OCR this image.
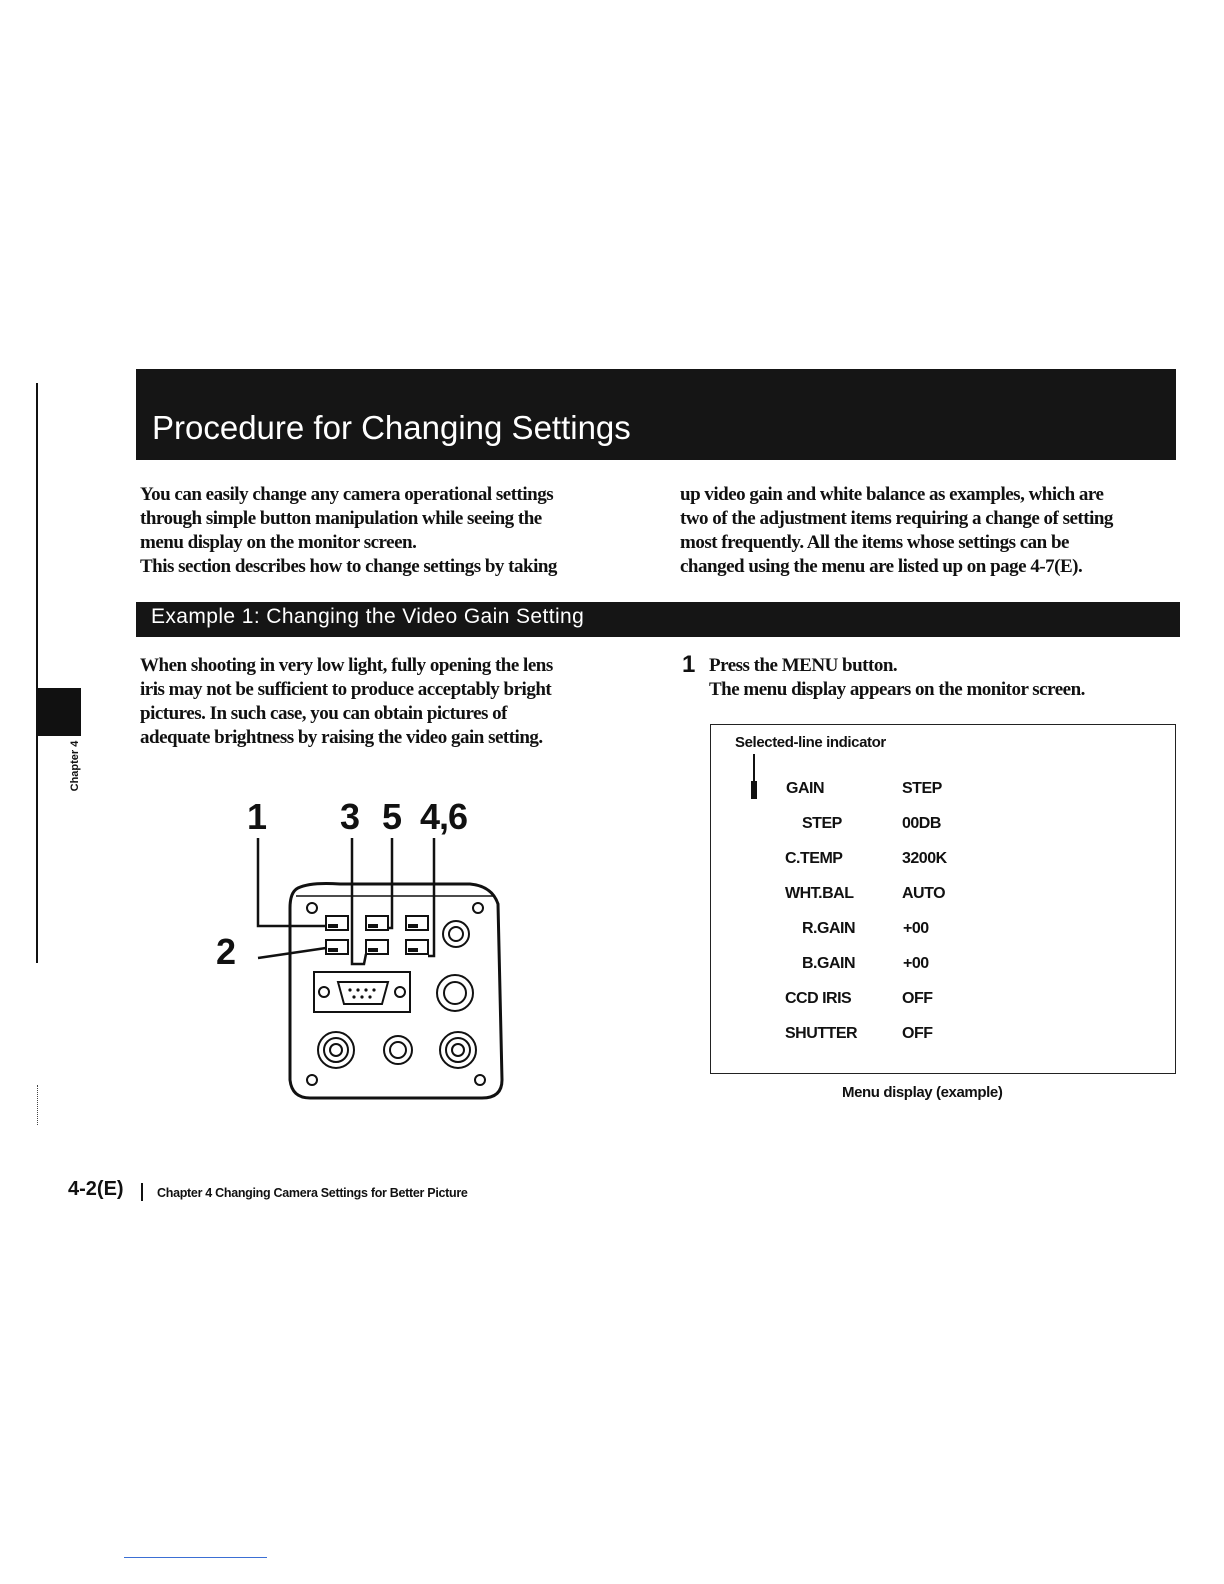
Chapter 4
Procedure for Changing Settings
You can easily change any camera operational settings
through simple button manipulation while seeing the
menu display on the monitor screen.
This section describes how to change settings by taking
up video gain and white balance as examples, which are
two of the adjustment items requiring a change of setting
most frequently. All the items whose settings can be
changed using the menu are listed up on page 4-7(E).
Example 1: Changing the Video Gain Setting
When shooting in very low light, fully opening the lens
iris may not be sufficient to produce acceptably bright
pictures. In such case, you can obtain pictures of
adequate brightness by raising the video gain setting.
1 Press the MENU button.
The menu display appears on the monitor screen.
Selected-line indicator
GAIN	STEP
STEP	00DB
C.TEMP	3200K
WHT.BAL	AUTO
R.GAIN	+00
B.GAIN	+00
CCD IRIS	OFF
SHUTTER	OFF
Menu display (example)
1 3 5 4,6
2
4-2(E)	Chapter 4 Changing Camera Settings for Better Picture
